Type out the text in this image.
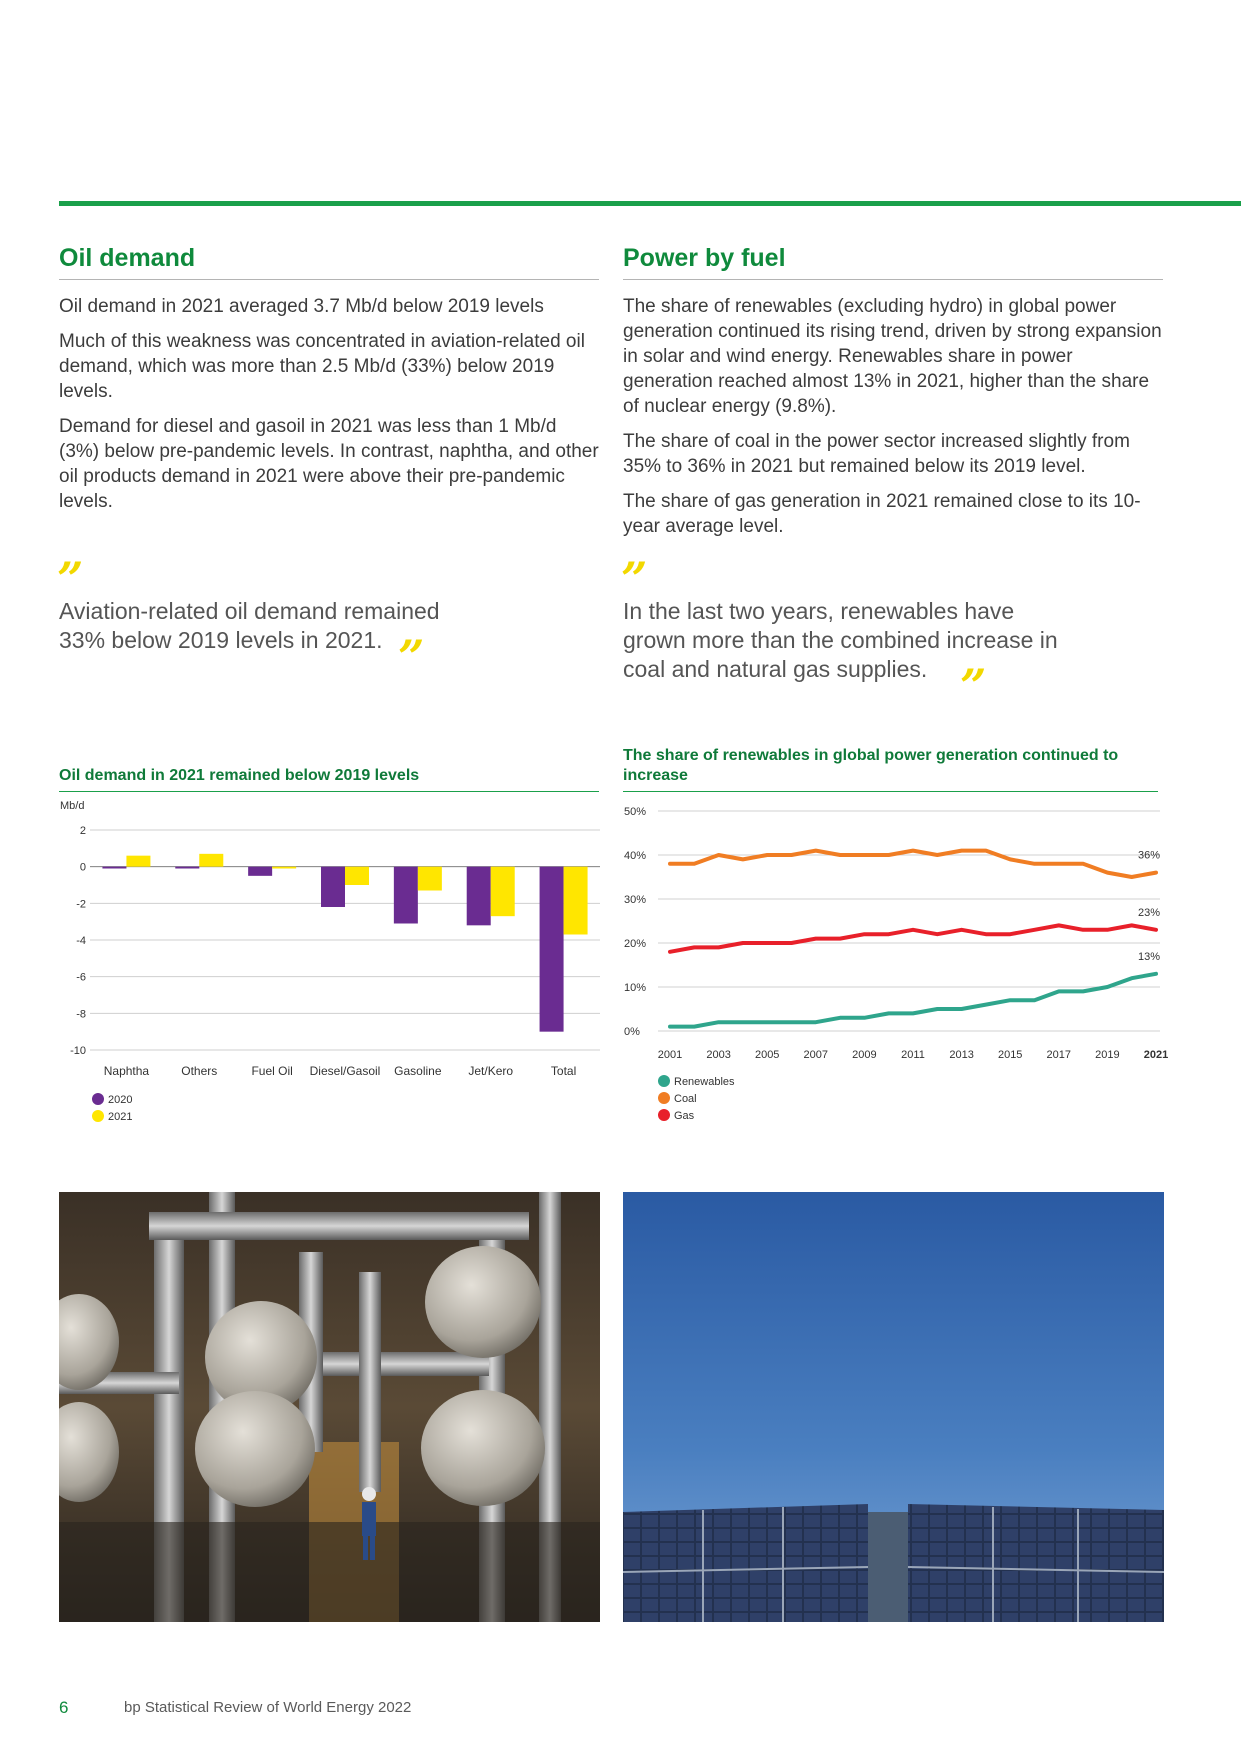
Oil demand

Oil demand in 2021 averaged 3.7 Mb/d below 2019 levels

Much of this weakness was concentrated in aviation-related oil demand, which was more than 2.5 Mb/d (33%) below 2019 levels.

Demand for diesel and gasoil in 2021 was less than 1 Mb/d (3%) below pre-pandemic levels. In contrast, naphtha, and other oil products demand in 2021 were above their pre-pandemic levels.

Power by fuel

The share of renewables (excluding hydro) in global power generation continued its rising trend, driven by strong expansion in solar and wind energy. Renewables share in power generation reached almost 13% in 2021, higher than the share of nuclear energy (9.8%).

The share of coal in the power sector increased slightly from 35% to 36% in 2021 but remained below its 2019 level.

The share of gas generation in 2021 remained close to its 10-year average level.

”
Aviation-related oil demand remained 33% below 2019 levels in 2021. ”
”
In the last two years, renewables have grown more than the combined increase in coal and natural gas supplies. ”
Oil demand in 2021 remained below 2019 levels
Mb/d
2
0
-2
-4
-6
-8
-10
Naphtha	Others	Fuel Oil Diesel/Gasoil Gasoline Jet/Kero	Total
2020
2021
The share of renewables in global power generation continued to increase
50%
40%
30%
20%
10%
0%
2001 2003 2005 2007 2009 2011 2013 2015 2017 2019 2021
13%
36%
23%
Renewables
Coal
Gas
6	bp Statistical Review of World Energy 2022
